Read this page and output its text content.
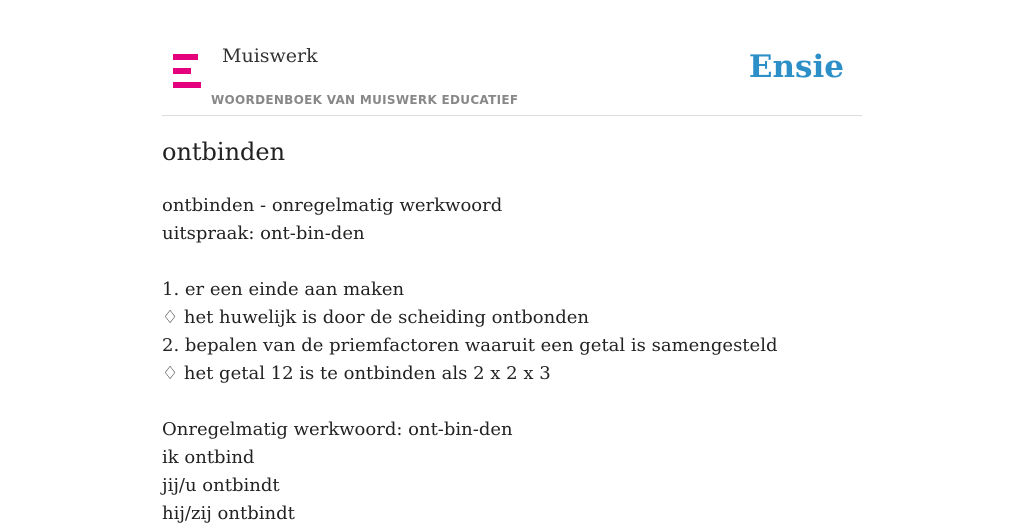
Muiswerk
WOORDENBOEK VAN MUISWERK EDUCATIEF
Ensie
ontbinden
ontbinden - onregelmatig werkwoord
uitspraak: ont-bin-den
1. er een einde aan maken
♢ het huwelijk is door de scheiding ontbonden
2. bepalen van de priemfactoren waaruit een getal is samengesteld
♢ het getal 12 is te ontbinden als 2 x 2 x 3
Onregelmatig werkwoord: ont-bin-den
ik ontbind
jij/u ontbindt
hij/zij ontbindt
